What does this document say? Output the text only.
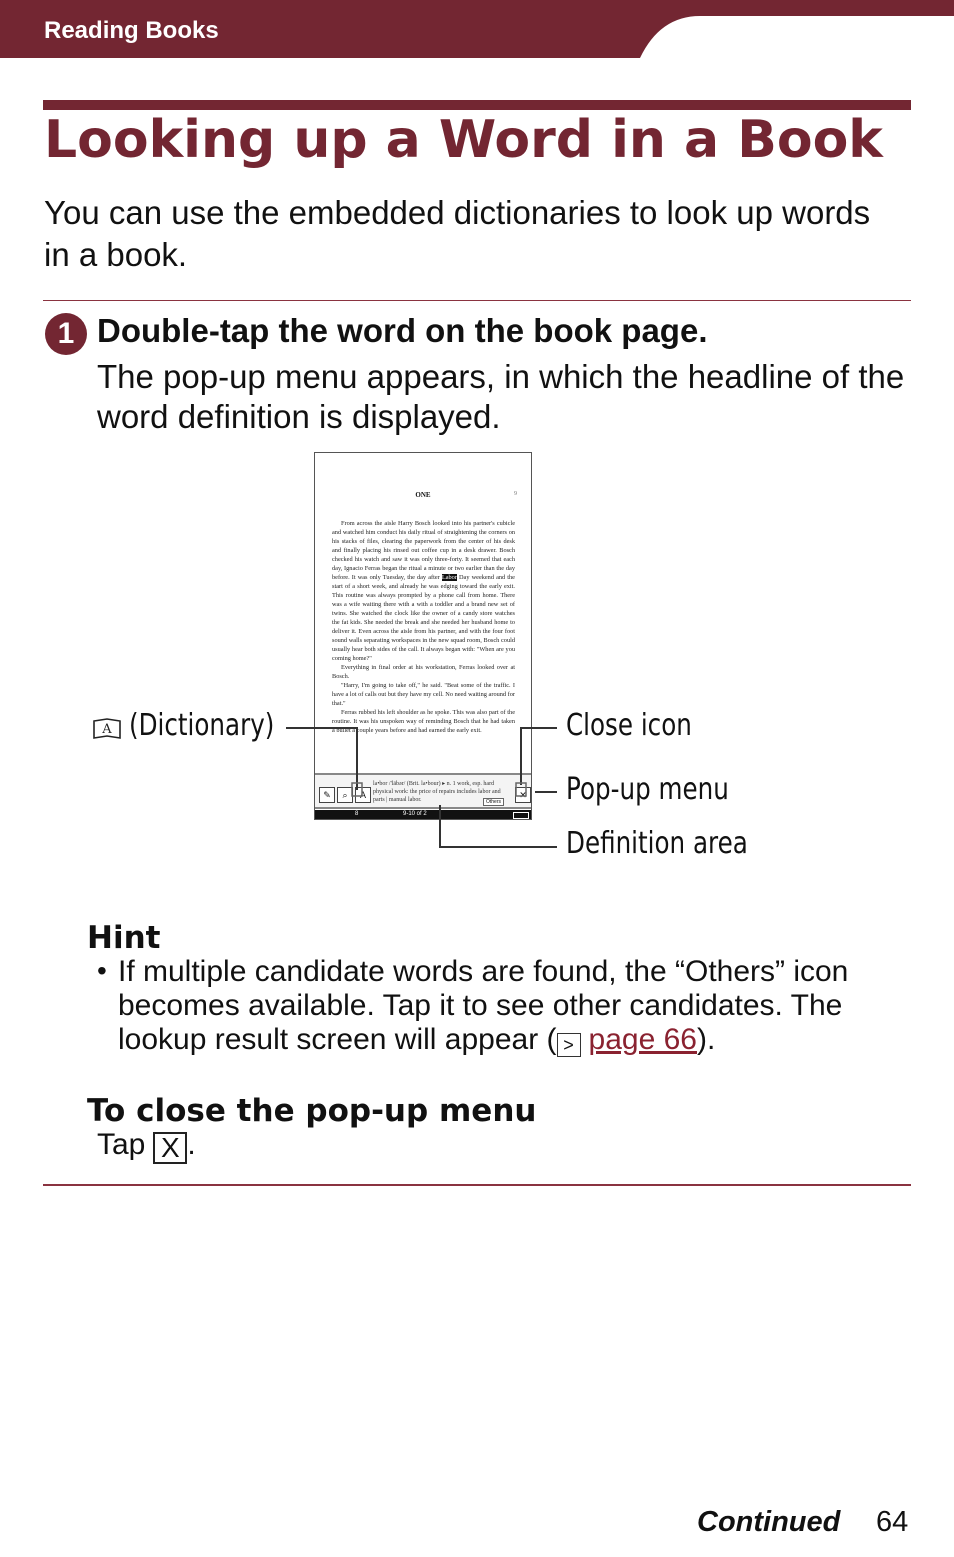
Reading Books
Looking up a Word in a Book
You can use the embedded dictionaries to look up words in a book.
1 Double-tap the word on the book page.
The pop-up menu appears, in which the headline of the word definition is displayed.
ONE	9

From across the aisle Harry Bosch looked into his partner's cubicle and watched him conduct his daily ritual of straightening the corners on his stacks of files, clearing the paperwork from the center of his desk and finally placing his rinsed out coffee cup in a desk drawer. Bosch checked his watch and saw it was only three-forty. It seemed that each day, Ignacio Ferras began the ritual a minute or two earlier than the day before. It was only Tuesday, the day after Labor Day weekend and the start of a short week, and already he was edging toward the early exit. This routine was always prompted by a phone call from home. There was a wife waiting there with a with a toddler and a brand new set of twins. She watched the clock like the owner of a candy store watches the fat kids. She needed the break and she needed her husband home to deliver it. Even across the aisle from his partner, and with the four foot sound walls separating workspaces in the new squad room, Bosch could usually hear both sides of the call. It always began with: "When are you coming home?"

Everything in final order at his workstation, Ferras looked over at Bosch.

"Harry, I'm going to take off," he said. "Beat some of the traffic. I have a lot of calls out but they have my cell. No need waiting around for that."

Ferras rubbed his left shoulder as he spoke. This was also part of the routine. It was his unspoken way of reminding Bosch that he had taken a bullet a couple years before and had earned the early exit.

✎	⌕	A
la•bor /'lābər/ (Brit. la•bour) ▸ n. 1 work, esp. hard physical work: the price of repairs includes labor and parts | manual labor.	Others
✕
8	9-10 of 2
A (Dictionary)	Close icon
Pop-up menu
Definition area
Hint
• If multiple candidate words are found, the “Others” icon becomes available. Tap it to see other candidates. The lookup result screen will appear ( > page 66).
To close the pop-up menu
Tap X .
Continued 64
